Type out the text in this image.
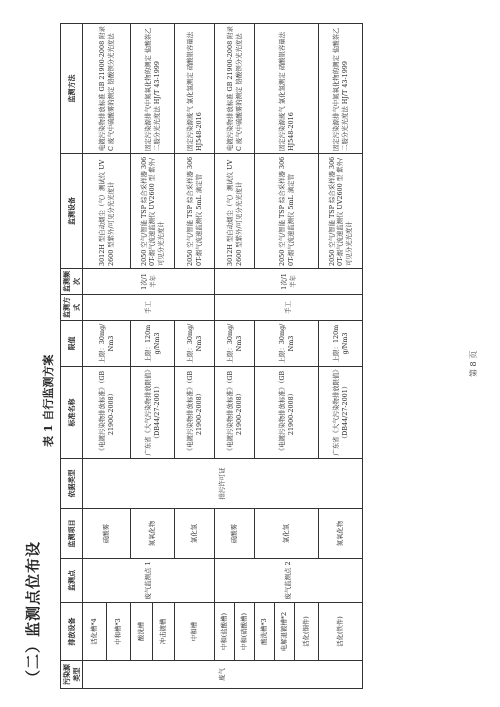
（二）监测点位布设
表 1 自行监测方案
污染源类型	排放设备	监测点	监测项目	依据类型	标准名称	限值	监测方式	监测频次	监测设备	监测方法
废气	活化槽*4	废气监测点 1	硫酸雾	排污许可证	《电镀污染物排放标准》（GB 21900-2008）	上限：30mg/Nm3	手工	1次/1半年	3012H 型自动烟尘（气）测试仪 UV2600 型紫外/可见分光光度计	电镀污染物排放标准 GB 21900-2008 附录 C 废气中硫酸雾的测定 铬酸钡分光光度法
	中和槽*3									
	酸洗槽		氮氧化物		广东省《大气污染物排放限值》（DB44/27-2001）	上限：120mg/Nm3			2050 空气/智能 TSP 综合采样器 3060T-烟气流速监测仪 UV2600 型 紫外/可见分光光度计	固定污染源排气中氮氧化物的测定 盐酸萘乙二胺分光光度法 HJ/T 43-1999
	冲击镀槽									
	中和槽		氯化氢		《电镀污染物排放标准》（GB 21900-2008）	上限：30mg/Nm3			2050 空气/智能 TSP 综合采样器 3060T-烟气流速监测仪 5mL 滴定管	固定污染源废气 氯化氢测定 硝酸银容量法 HJ548-2016
	中和(盐酸槽)	废气监测点 2	硫酸雾		《电镀污染物排放标准》（GB 21900-2008）	上限：30mg/Nm3	手工	1次/1半年	3012H 型自动烟尘（气）测试仪 UV2600 型紫外/可见分光光度计	电镀污染物排放标准 GB 21900-2008 附录 C 废气中硫酸雾的测定 铬酸钡分光光度法
	中和(硝酸槽)									
	酸洗槽*3		氯化氢		《电镀污染物排放标准》（GB 21900-2008）	上限：30mg/Nm3			2050 空气/智能 TSP 综合采样器 3060T-烟气流速监测仪 5mL 滴定管	固定污染源废气 氯化氢测定 硝酸银容量法 HJ548-2016
	电解退镀槽*2									
	活化(铜件)									
	活化(铁件)		氮氧化物		广东省《大气污染物排放限值》（DB44/27-2001）	上限：120mg/Nm3			2050 空气/智能 TSP 综合采样器 3060T-烟气流速监测仪 UV2600 型 紫外/可见分光光度计	固定污染源排气中氮氧化物的测定 盐酸萘乙二胺分光光度法 HJ/T 43-1999
第 8 页
